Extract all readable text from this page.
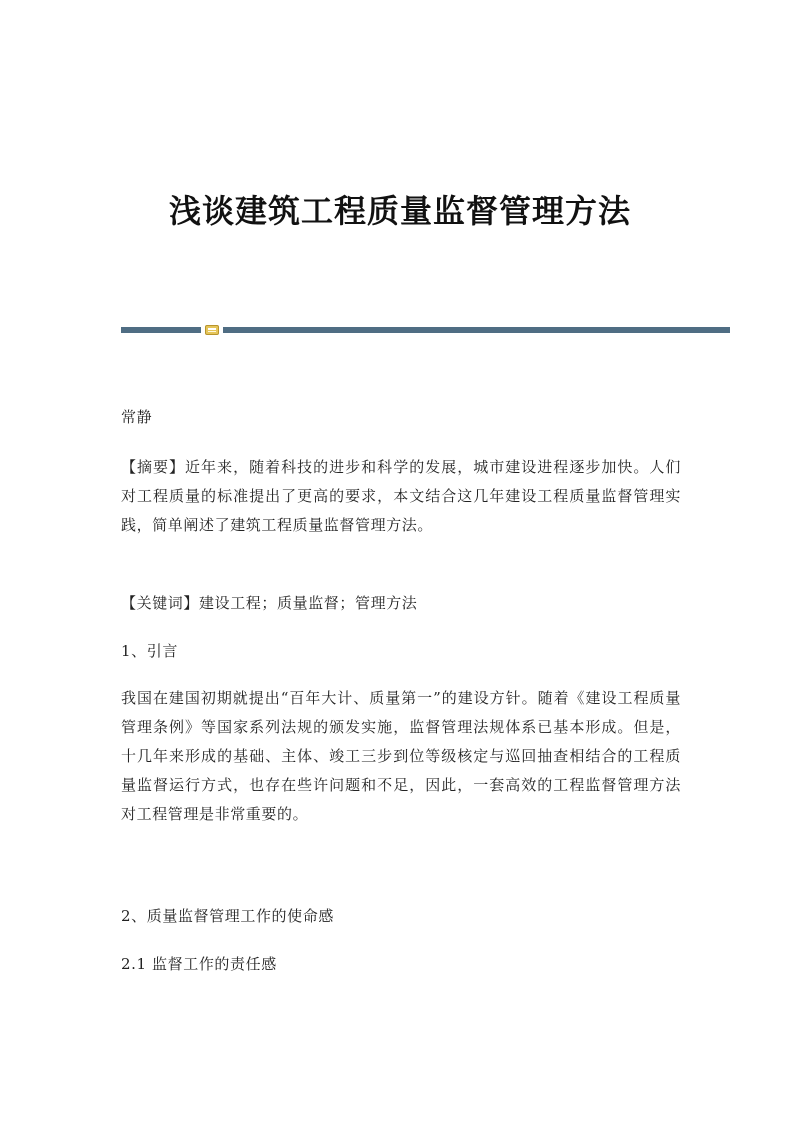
浅谈建筑工程质量监督管理方法

常静

【摘要】近年来，随着科技的进步和科学的发展，城市建设进程逐步加快。人们对工程质量的标准提出了更高的要求，本文结合这几年建设工程质量监督管理实践，简单阐述了建筑工程质量监督管理方法。

【关键词】建设工程；质量监督；管理方法

1、引言

我国在建国初期就提出“百年大计、质量第一”的建设方针。随着《建设工程质量管理条例》等国家系列法规的颁发实施，监督管理法规体系已基本形成。但是，十几年来形成的基础、主体、竣工三步到位等级核定与巡回抽查相结合的工程质量监督运行方式，也存在些许问题和不足，因此，一套高效的工程监督管理方法对工程管理是非常重要的。

2、质量监督管理工作的使命感

2.1 监督工作的责任感
